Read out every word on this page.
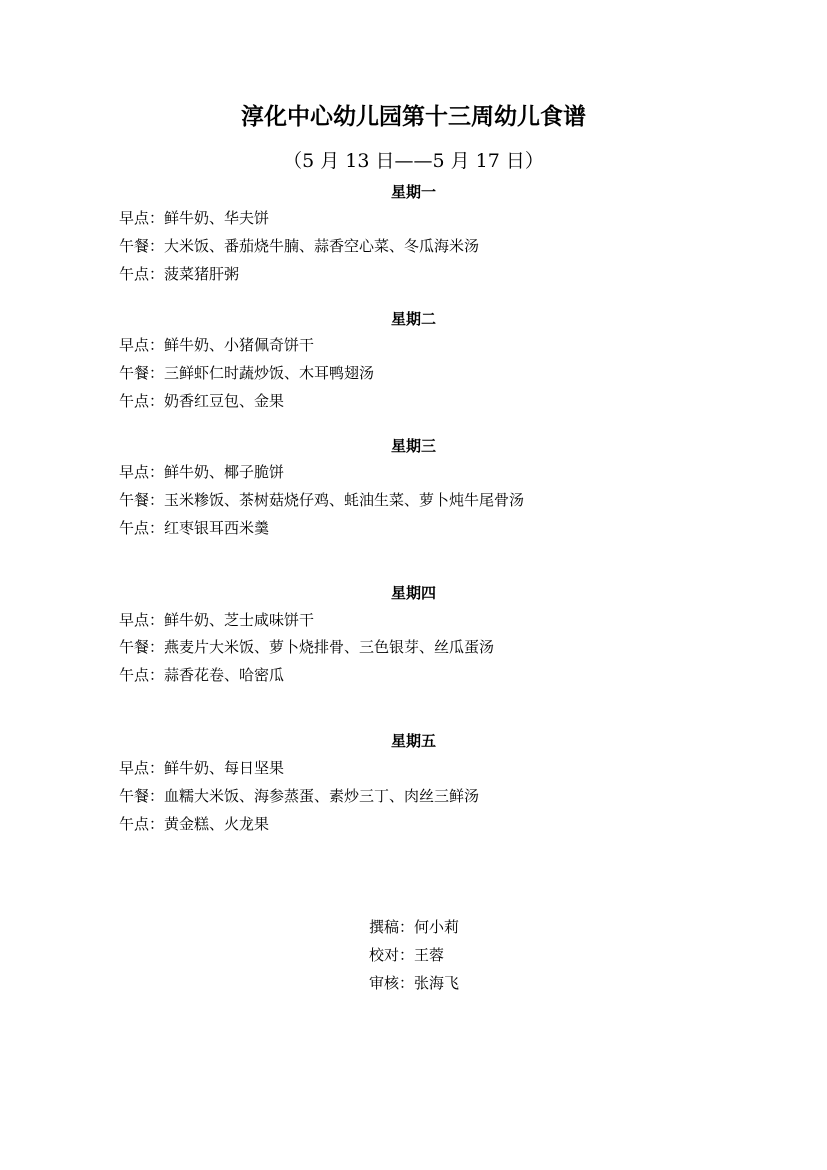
淳化中心幼儿园第十三周幼儿食谱
（5 月 13 日——5 月 17 日）
星期一
早点：鲜牛奶、华夫饼
午餐：大米饭、番茄烧牛腩、蒜香空心菜、冬瓜海米汤
午点：菠菜猪肝粥
星期二
早点：鲜牛奶、小猪佩奇饼干
午餐：三鲜虾仁时蔬炒饭、木耳鸭翅汤
午点：奶香红豆包、金果
星期三
早点：鲜牛奶、椰子脆饼
午餐：玉米糁饭、茶树菇烧仔鸡、蚝油生菜、萝卜炖牛尾骨汤
午点：红枣银耳西米羹
星期四
早点：鲜牛奶、芝士咸味饼干
午餐：燕麦片大米饭、萝卜烧排骨、三色银芽、丝瓜蛋汤
午点：蒜香花卷、哈密瓜
星期五
早点：鲜牛奶、每日坚果
午餐：血糯大米饭、海参蒸蛋、素炒三丁、肉丝三鲜汤
午点：黄金糕、火龙果
撰稿：何小莉
校对：王蓉
审核：张海飞
